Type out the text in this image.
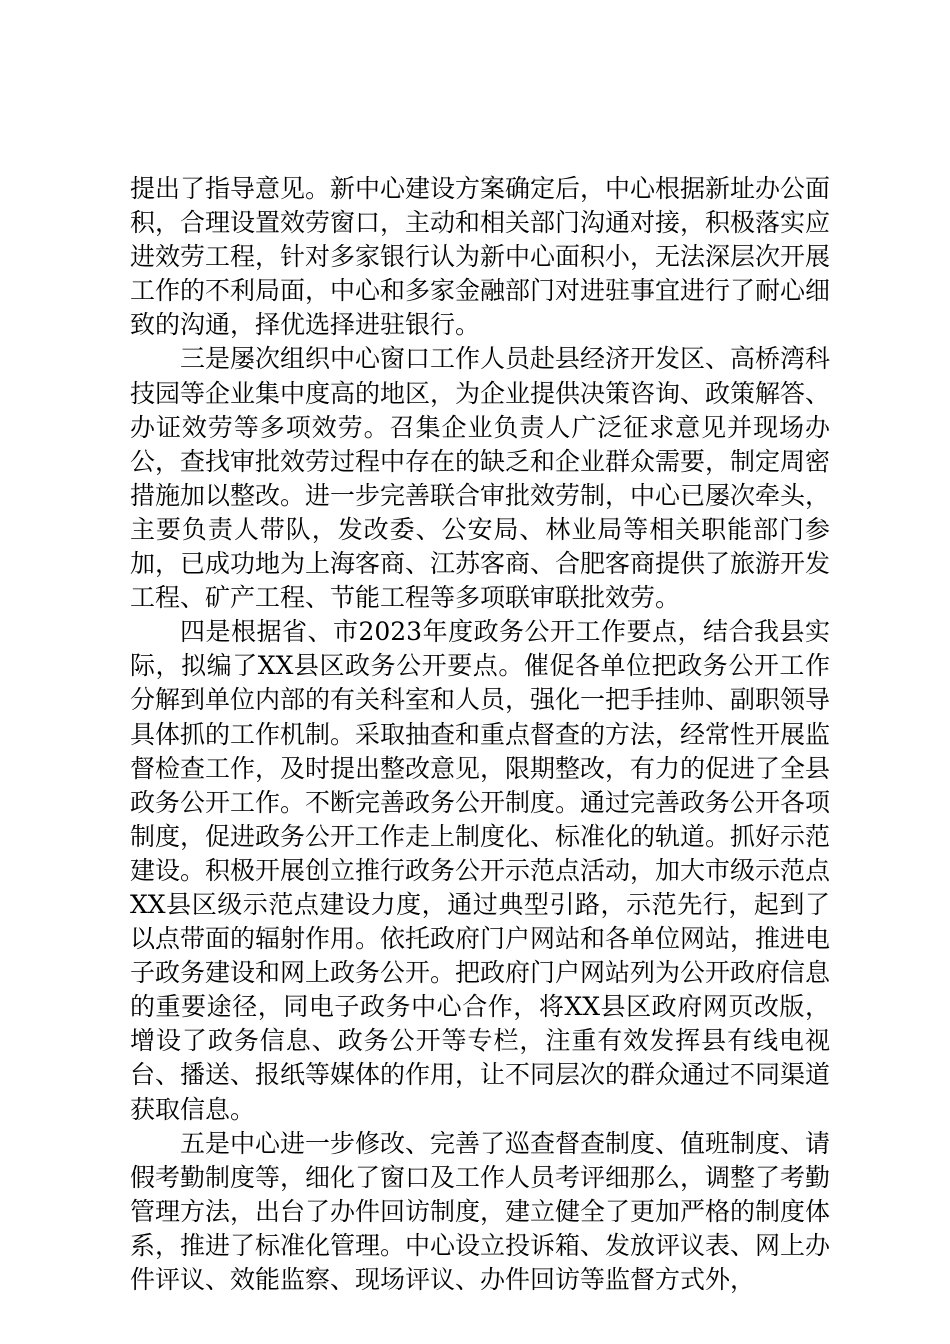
提出了指导意见。新中心建设方案确定后，中心根据新址办公面积，合理设置效劳窗口，主动和相关部门沟通对接，积极落实应进效劳工程，针对多家银行认为新中心面积小，无法深层次开展工作的不利局面，中心和多家金融部门对进驻事宜进行了耐心细致的沟通，择优选择进驻银行。

三是屡次组织中心窗口工作人员赴县经济开发区、高桥湾科技园等企业集中度高的地区，为企业提供决策咨询、政策解答、办证效劳等多项效劳。召集企业负责人广泛征求意见并现场办公，查找审批效劳过程中存在的缺乏和企业群众需要，制定周密措施加以整改。进一步完善联合审批效劳制，中心已屡次牵头，主要负责人带队，发改委、公安局、林业局等相关职能部门参加，已成功地为上海客商、江苏客商、合肥客商提供了旅游开发工程、矿产工程、节能工程等多项联审联批效劳。

四是根据省、市2023年度政务公开工作要点，结合我县实际，拟编了XX县区政务公开要点。催促各单位把政务公开工作分解到单位内部的有关科室和人员，强化一把手挂帅、副职领导具体抓的工作机制。采取抽查和重点督查的方法，经常性开展监督检查工作，及时提出整改意见，限期整改，有力的促进了全县政务公开工作。不断完善政务公开制度。通过完善政务公开各项制度，促进政务公开工作走上制度化、标准化的轨道。抓好示范建设。积极开展创立推行政务公开示范点活动，加大市级示范点XX县区级示范点建设力度，通过典型引路，示范先行，起到了以点带面的辐射作用。依托政府门户网站和各单位网站，推进电子政务建设和网上政务公开。把政府门户网站列为公开政府信息的重要途径，同电子政务中心合作，将XX县区政府网页改版，增设了政务信息、政务公开等专栏，注重有效发挥县有线电视台、播送、报纸等媒体的作用，让不同层次的群众通过不同渠道获取信息。

五是中心进一步修改、完善了巡查督查制度、值班制度、请假考勤制度等，细化了窗口及工作人员考评细那么，调整了考勤管理方法，出台了办件回访制度，建立健全了更加严格的制度体系，推进了标准化管理。中心设立投诉箱、发放评议表、网上办件评议、效能监察、现场评议、办件回访等监督方式外，
